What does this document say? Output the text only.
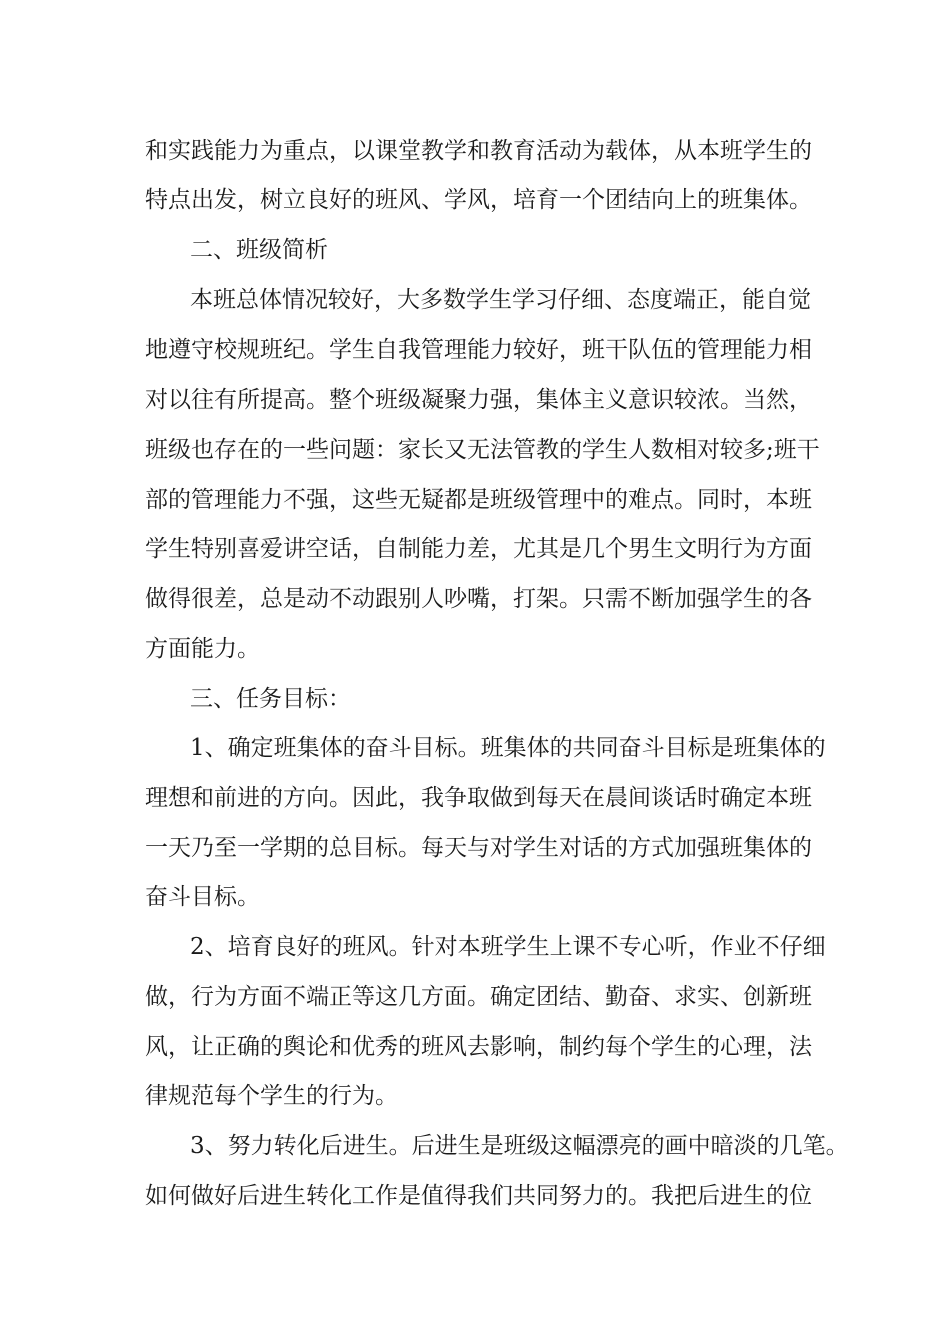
和实践能力为重点，以课堂教学和教育活动为载体，从本班学生的
特点出发，树立良好的班风、学风，培育一个团结向上的班集体。
二、班级简析
本班总体情况较好，大多数学生学习仔细、态度端正，能自觉
地遵守校规班纪。学生自我管理能力较好，班干队伍的管理能力相
对以往有所提高。整个班级凝聚力强，集体主义意识较浓。当然，
班级也存在的一些问题：家长又无法管教的学生人数相对较多;班干
部的管理能力不强，这些无疑都是班级管理中的难点。同时，本班
学生特别喜爱讲空话，自制能力差，尤其是几个男生文明行为方面
做得很差，总是动不动跟别人吵嘴，打架。只需不断加强学生的各
方面能力。
三、任务目标：
1、确定班集体的奋斗目标。班集体的共同奋斗目标是班集体的
理想和前进的方向。因此，我争取做到每天在晨间谈话时确定本班
一天乃至一学期的总目标。每天与对学生对话的方式加强班集体的
奋斗目标。
2、培育良好的班风。针对本班学生上课不专心听，作业不仔细
做，行为方面不端正等这几方面。确定团结、勤奋、求实、创新班
风，让正确的舆论和优秀的班风去影响，制约每个学生的心理，法
律规范每个学生的行为。
3、努力转化后进生。后进生是班级这幅漂亮的画中暗淡的几笔。
如何做好后进生转化工作是值得我们共同努力的。我把后进生的位
